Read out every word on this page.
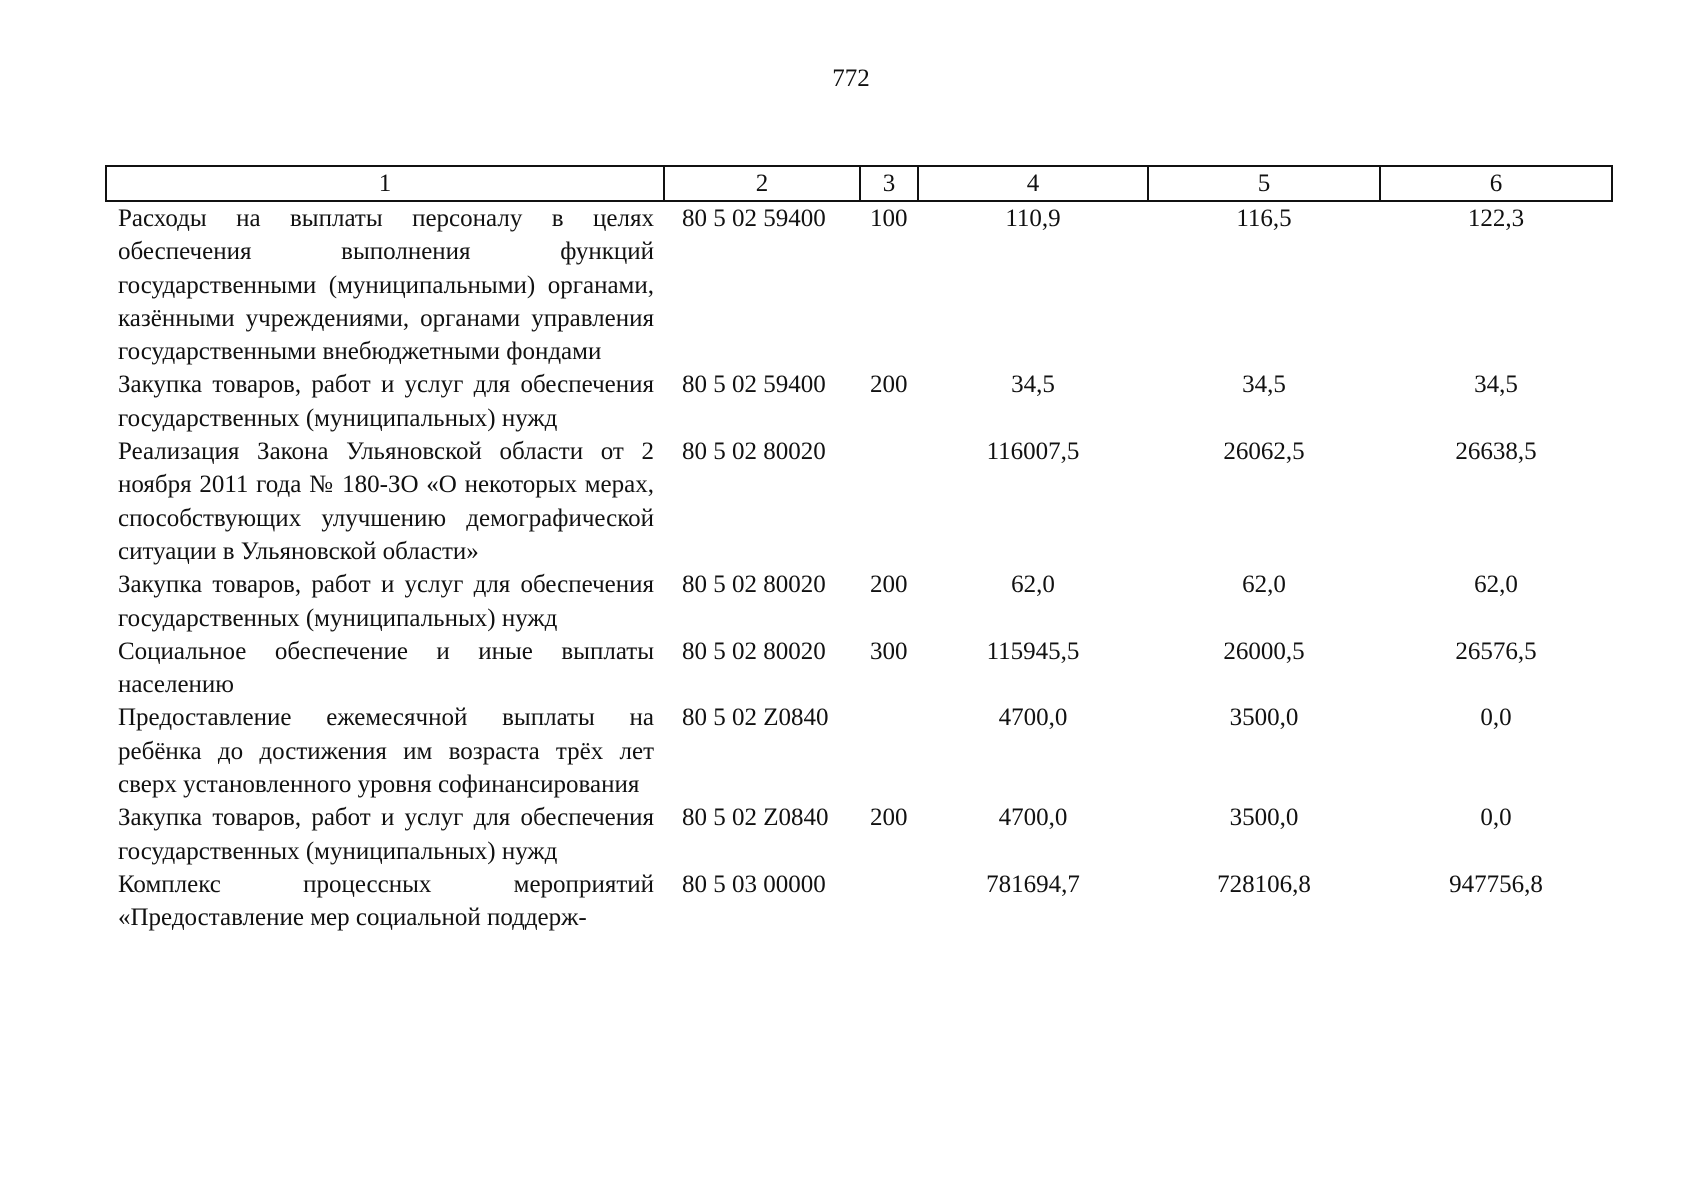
772
1	2	3	4	5	6
Расходы на выплаты персоналу в целях обеспечения выполнения функций государственными (муниципальными) органами, казёнными учреждениями, органами управления государственными внебюджетными фондами	80 5 02 59400	100	110,9	116,5	122,3
Закупка товаров, работ и услуг для обеспечения государственных (муниципальных) нужд	80 5 02 59400	200	34,5	34,5	34,5
Реализация Закона Ульяновской области от 2 ноября 2011 года № 180-ЗО «О некоторых мерах, способствующих улучшению демографической ситуации в Ульяновской области»	80 5 02 80020		116007,5	26062,5	26638,5
Закупка товаров, работ и услуг для обеспечения государственных (муниципальных) нужд	80 5 02 80020	200	62,0	62,0	62,0
Социальное обеспечение и иные выплаты населению	80 5 02 80020	300	115945,5	26000,5	26576,5
Предоставление ежемесячной выплаты на ребёнка до достижения им возраста трёх лет сверх установленного уровня софинансирования	80 5 02 Z0840		4700,0	3500,0	0,0
Закупка товаров, работ и услуг для обеспечения государственных (муниципальных) нужд	80 5 02 Z0840	200	4700,0	3500,0	0,0
Комплекс процессных мероприятий «Предоставление мер социальной поддерж-	80 5 03 00000		781694,7	728106,8	947756,8
